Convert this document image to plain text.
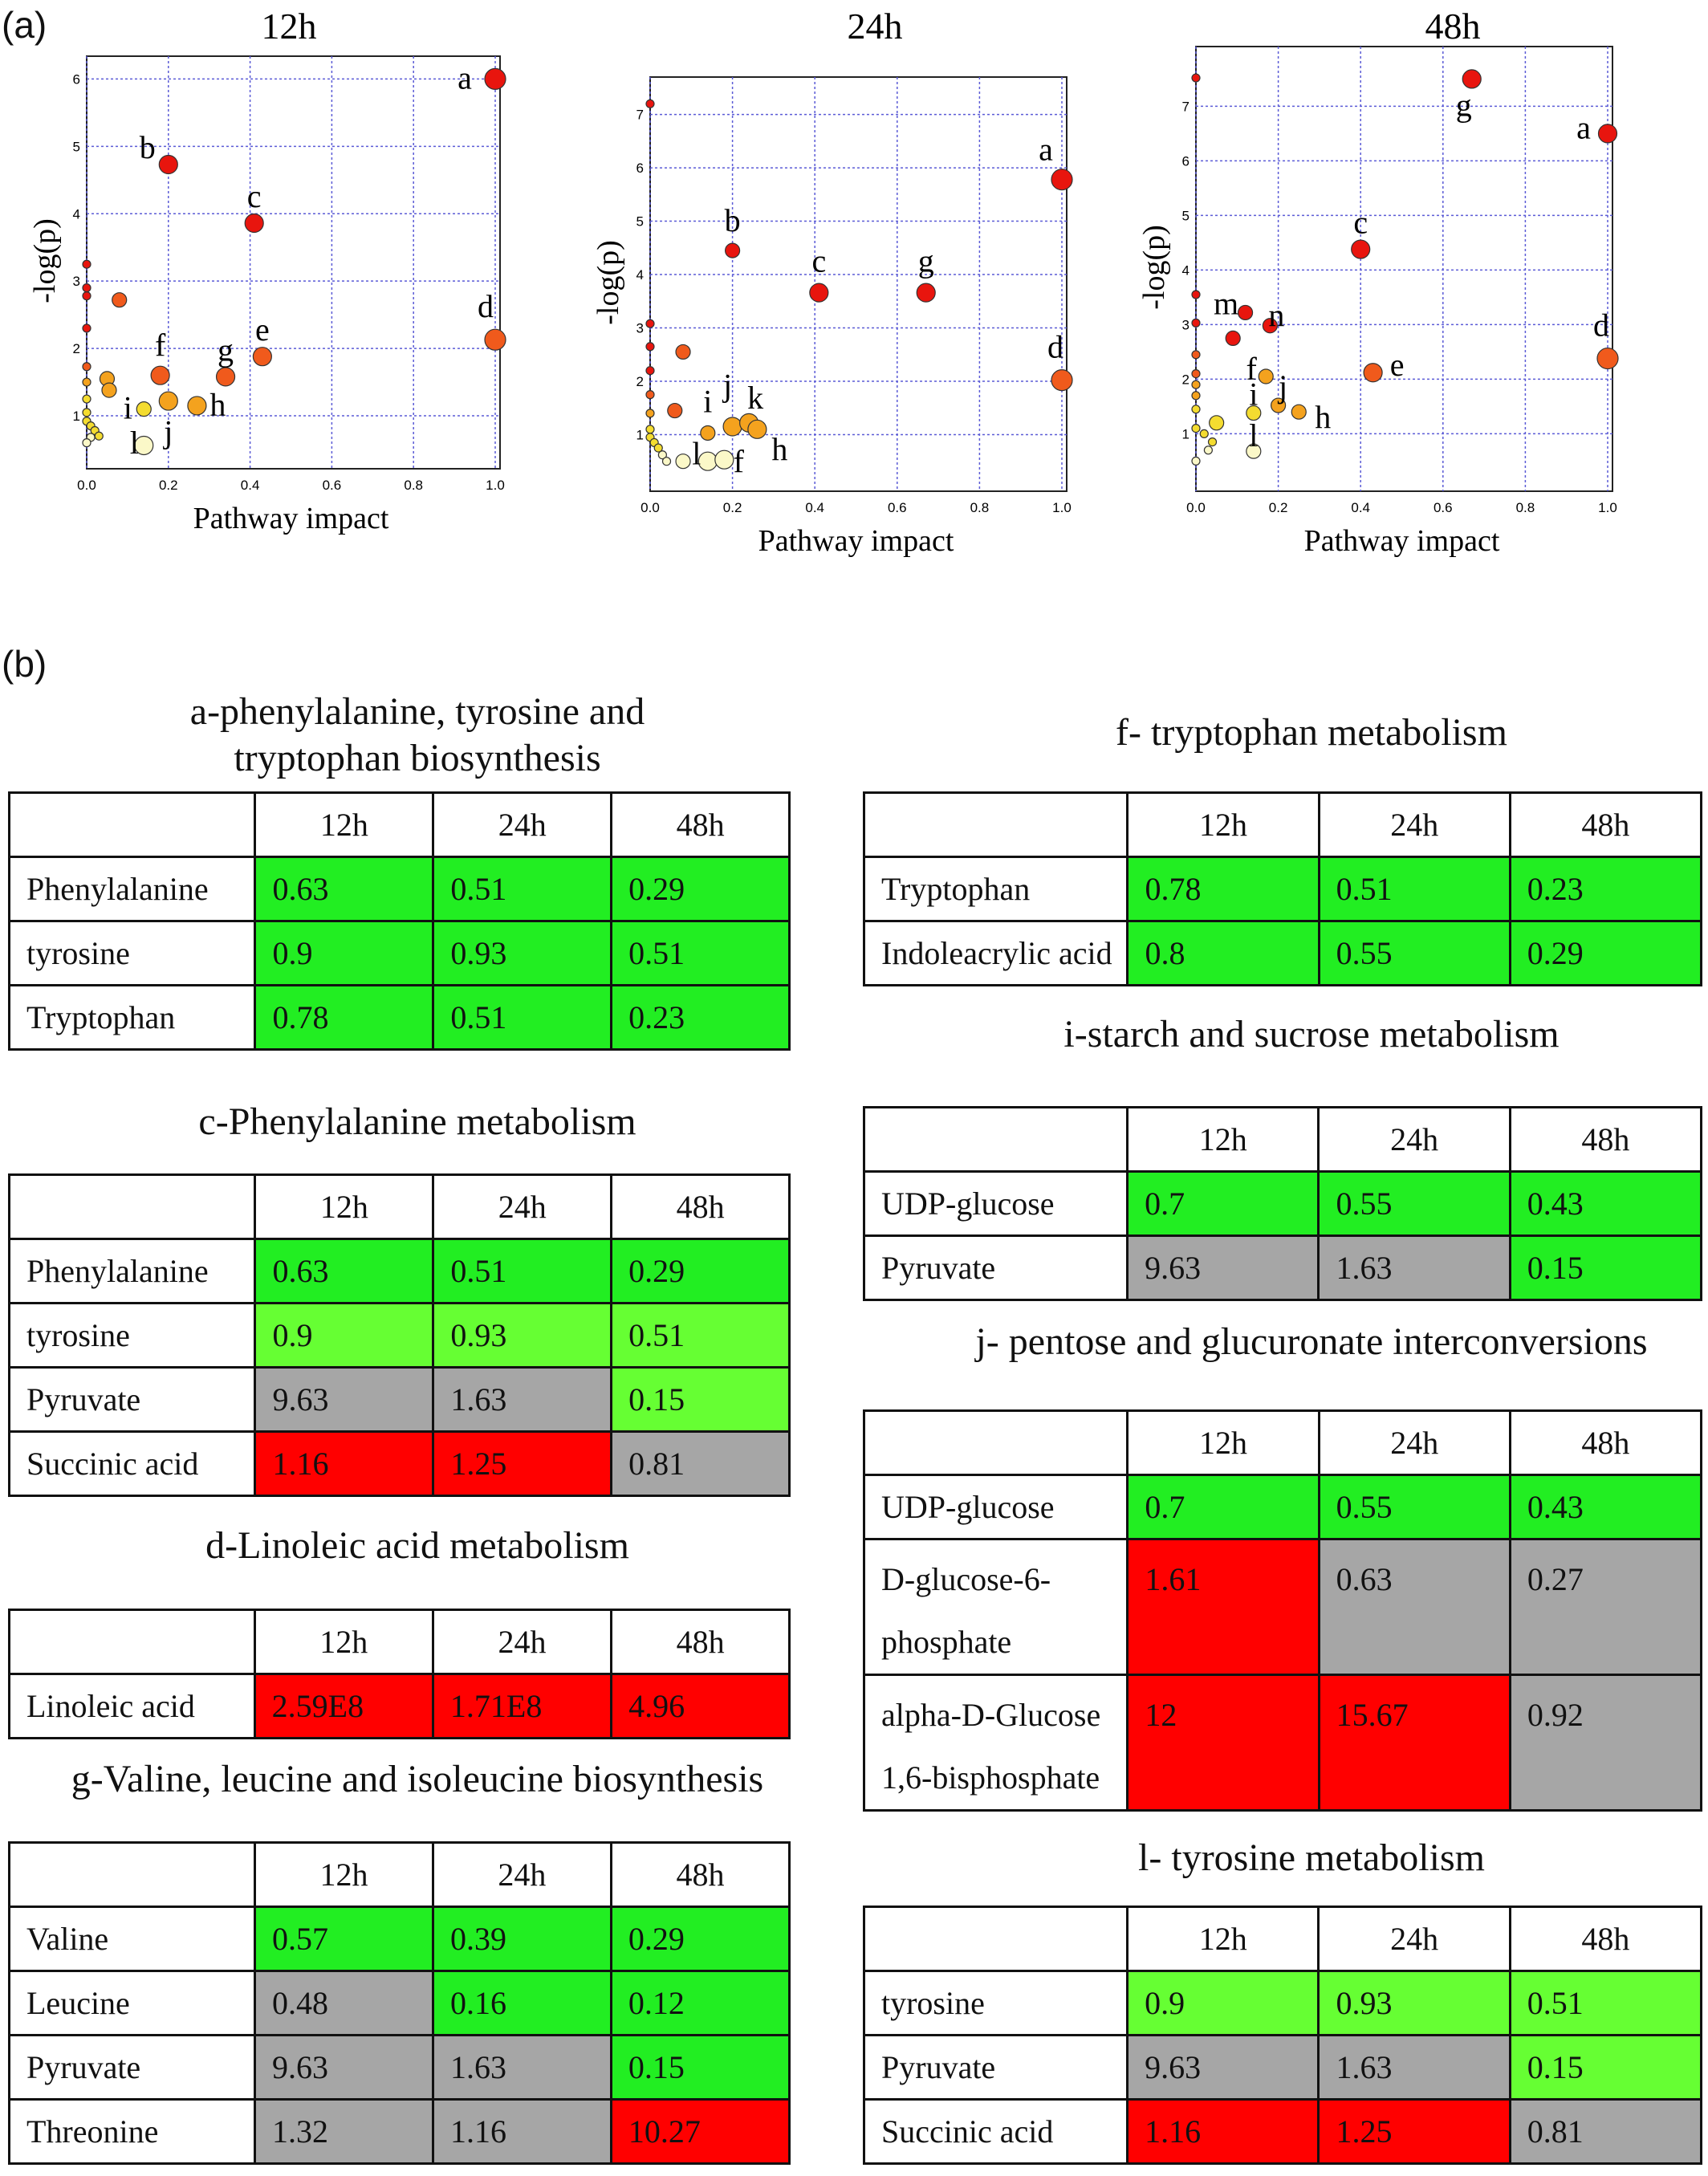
(a)
(b)
12h
0.0	0.2	0.4	0.6	0.8	1.0
1
2
3
4
5
6
Pathway impact
-log(p)
i
b
c
e
f g
h
j
l
a
d
24h
0.0	0.2	0.4	0.6	0.8	1.0
1
2
3
4
5
6
7
Pathway impact
-log(p)
b
i
c	g
j k
h
l f
a
d
48h
0.0	0.2	0.4	0.6	0.8	1.0
1
2
3
4
5
6
7
Pathway impact
-log(p) m n
f
i j
h
l
g
a
c
e
d
a-phenylalanine, tyrosine and
tryptophan biosynthesis
	12h	24h	48h

Phenylalanine	0.63	0.51	0.29

tyrosine	0.9	0.93	0.51

Tryptophan	0.78	0.51	0.23
c-Phenylalanine metabolism
	12h	24h	48h

Phenylalanine	0.63	0.51	0.29

tyrosine	0.9	0.93	0.51

Pyruvate	9.63	1.63	0.15

Succinic acid	1.16	1.25	0.81
d-Linoleic acid metabolism
	12h	24h	48h

Linoleic acid	2.59E8	1.71E8	4.96
g-Valine, leucine and isoleucine biosynthesis
	12h	24h	48h

Valine	0.57	0.39	0.29

Leucine	0.48	0.16	0.12

Pyruvate	9.63	1.63	0.15

Threonine	1.32	1.16	10.27
f- tryptophan metabolism
	12h	24h	48h

Tryptophan	0.78	0.51	0.23

Indoleacrylic acid	0.8	0.55	0.29
i-starch and sucrose metabolism
	12h	24h	48h

UDP-glucose	0.7	0.55	0.43

Pyruvate	9.63	1.63	0.15
j- pentose and glucuronate interconversions
	12h	24h	48h

UDP-glucose	0.7	0.55	0.43

D-glucose-6-
phosphate	1.61	0.63	0.27

alpha-D-Glucose
1,6-bisphosphate	12	15.67	0.92
l- tyrosine metabolism
	12h	24h	48h

tyrosine	0.9	0.93	0.51

Pyruvate	9.63	1.63	0.15

Succinic acid	1.16	1.25	0.81
